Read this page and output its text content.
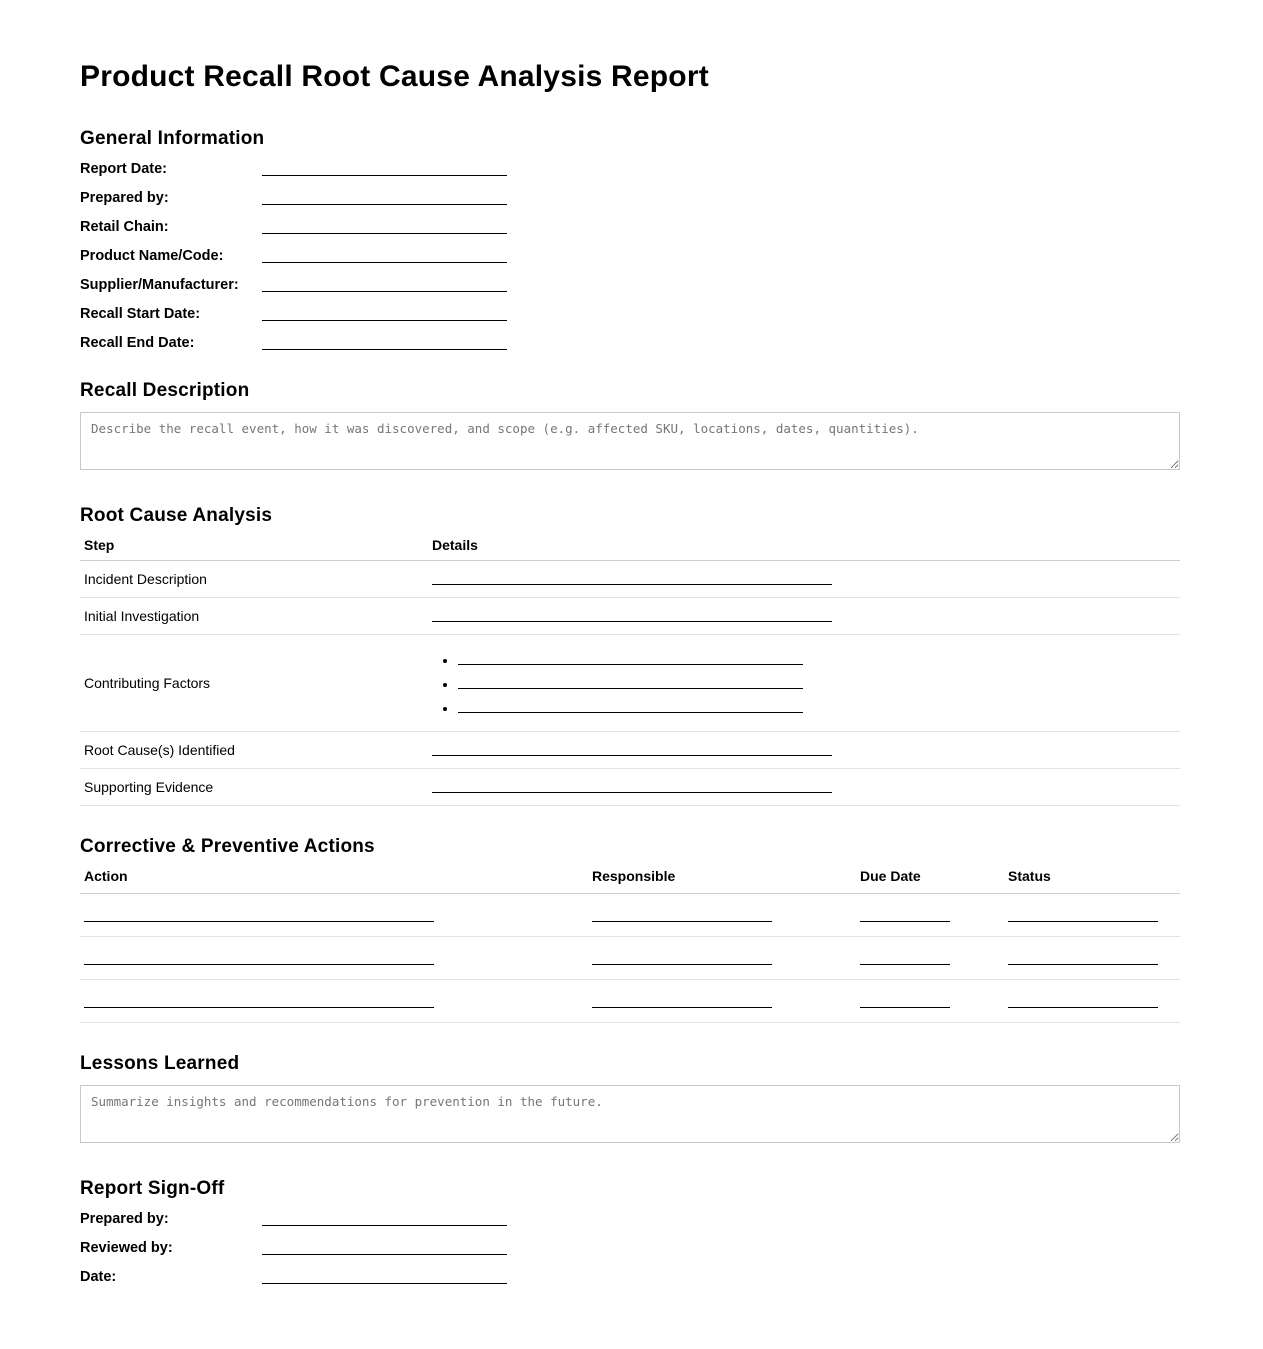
Product Recall Root Cause Analysis Report
General Information
Report Date:
Prepared by:
Retail Chain:
Product Name/Code:
Supplier/Manufacturer:
Recall Start Date:
Recall End Date:
Recall Description
Describe the recall event, how it was discovered, and scope (e.g. affected SKU, locations, dates, quantities).
Root Cause Analysis
Step	Details
Incident Description	
Initial Investigation	
Contributing Factors	
•
•
•

Root Cause(s) Identified	
Supporting Evidence	
Corrective & Preventive Actions
Action	Responsible	Due Date	Status

Lessons Learned
Summarize insights and recommendations for prevention in the future.
Report Sign-Off
Prepared by:
Reviewed by:
Date:
